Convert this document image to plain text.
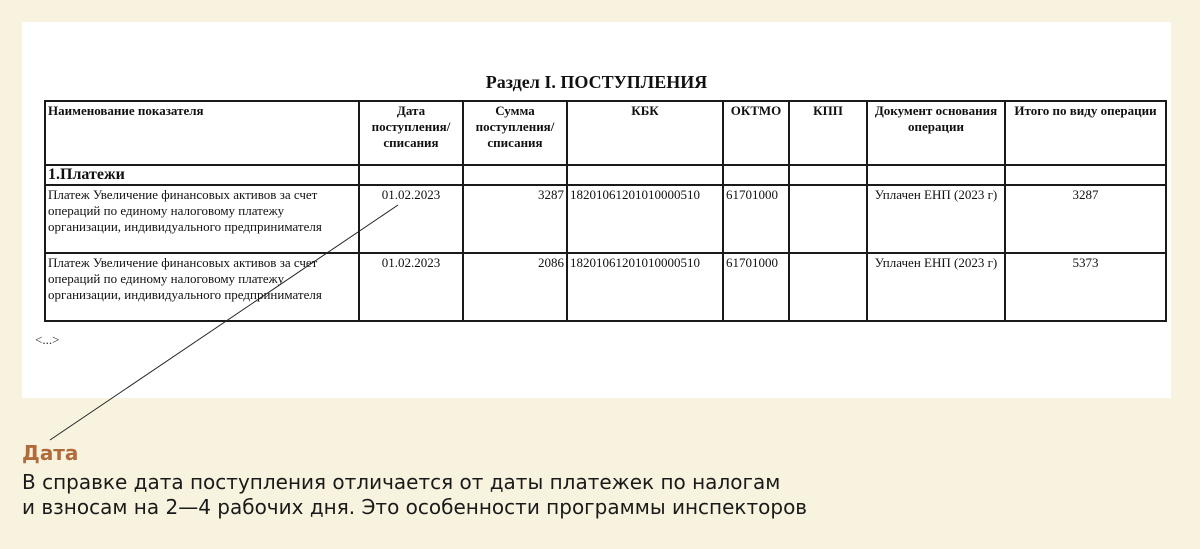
Раздел I. ПОСТУПЛЕНИЯ
Наименование показателя	Дата поступления/ списания	Сумма поступления/ списания	КБК	ОКТМО	КПП	Документ основания операции	Итого по виду операции
1.Платежи							
Платеж Увеличение финансовых активов за счет операций по единому налоговому платежу организации, индивидуального предпринимателя	01.02.2023	3287	18201061201010000510	61701000		Уплачен ЕНП (2023 г)	3287
Платеж Увеличение финансовых активов за счет операций по единому налоговому платежу организации, индивидуального предпринимателя	01.02.2023	2086	18201061201010000510	61701000		Уплачен ЕНП (2023 г)	5373
<...>
Дата
В справке дата поступления отличается от даты платежек по налогам
и взносам на 2—4 рабочих дня. Это особенности программы инспекторов
